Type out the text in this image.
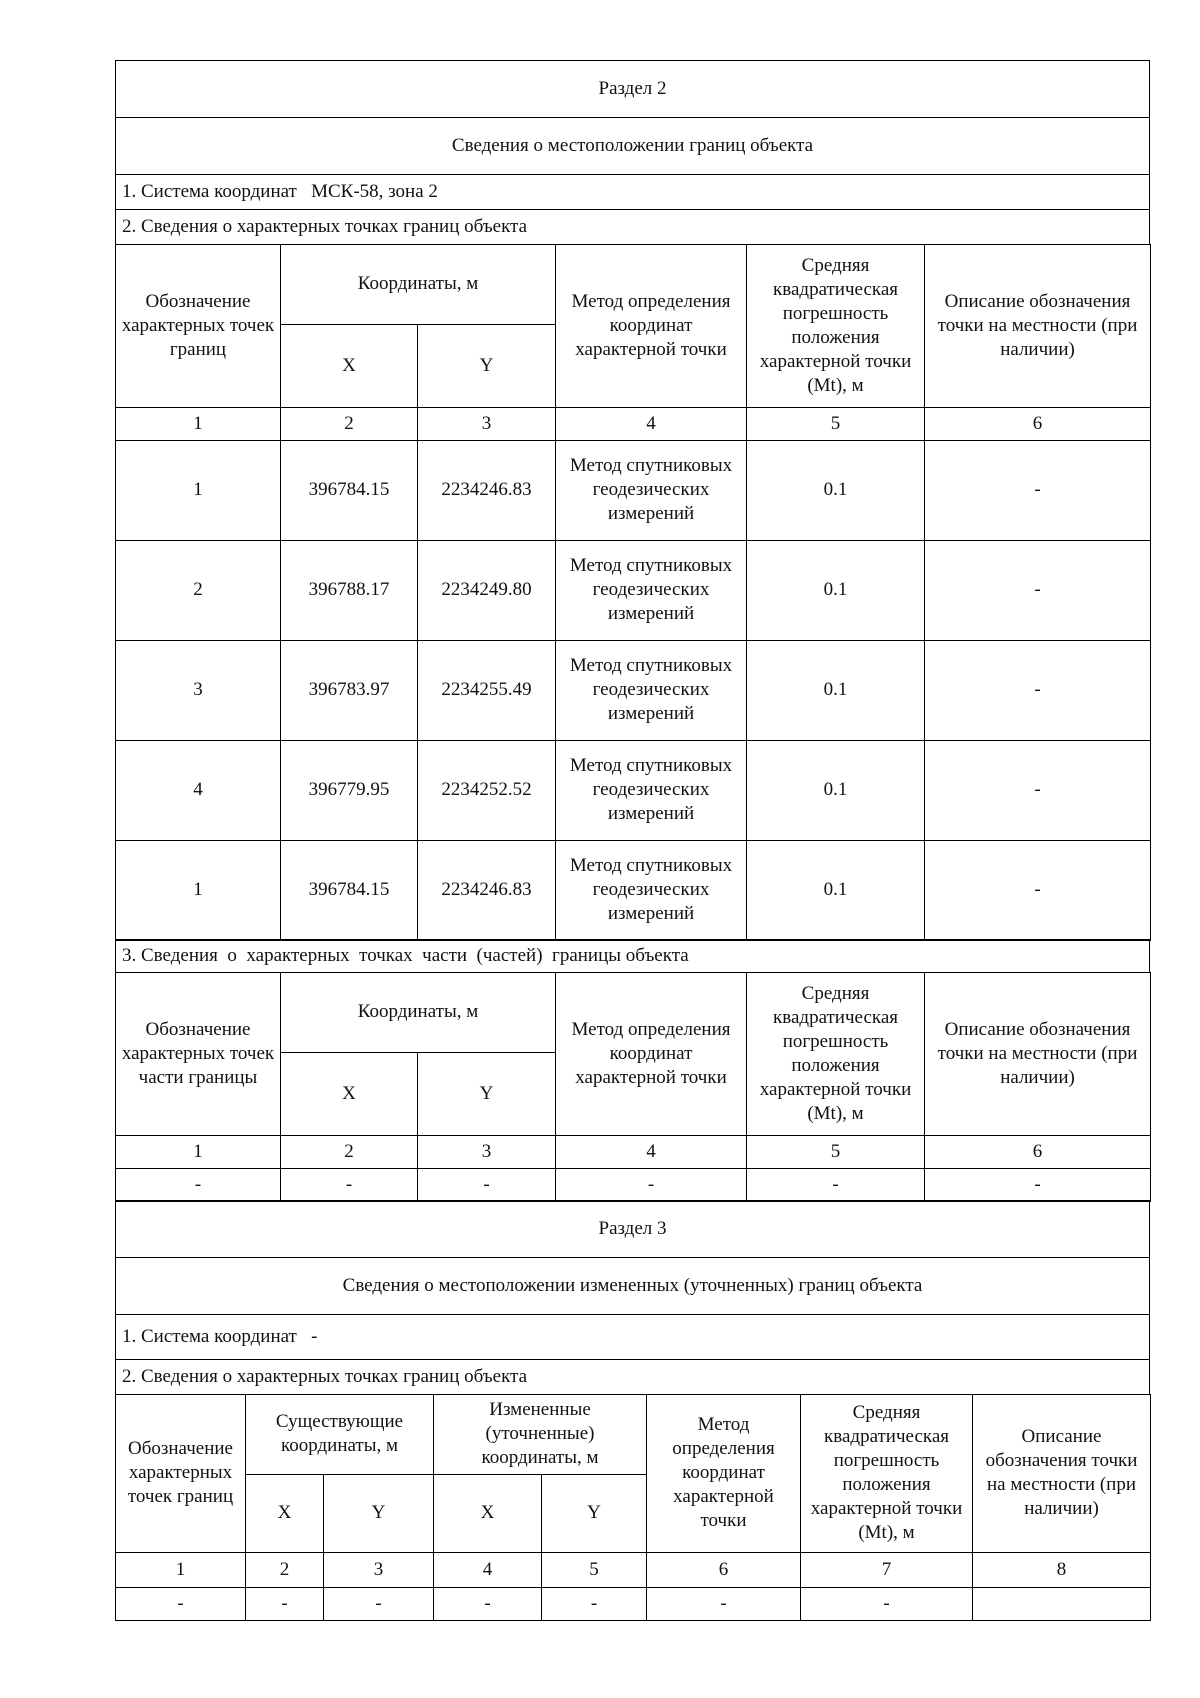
Раздел 2
Сведения о местоположении границ объекта
1. Система координат   МСК-58, зона 2
2. Сведения о характерных точках границ объекта
Обозначение характерных точек границ	Координаты, м		Метод определения координат характерной точки	Средняя квадратическая погрешность положения характерной точки (Mt), м	Описание обозначения точки на местности (при наличии)
	X	Y			
1	2	3	4	5	6
1	396784.15	2234246.83	Метод спутниковых геодезических измерений	0.1	-
2	396788.17	2234249.80	Метод спутниковых геодезических измерений	0.1	-
3	396783.97	2234255.49	Метод спутниковых геодезических измерений	0.1	-
4	396779.95	2234252.52	Метод спутниковых геодезических измерений	0.1	-
1	396784.15	2234246.83	Метод спутниковых геодезических измерений	0.1	-
3. Сведения  о  характерных  точках  части  (частей)  границы объекта
Обозначение характерных точек части границы	Координаты, м		Метод определения координат характерной точки	Средняя квадратическая погрешность положения характерной точки (Mt), м	Описание обозначения точки на местности (при наличии)
	X	Y			
1	2	3	4	5	6
-	-	-	-	-	-
Раздел 3
Сведения о местоположении измененных (уточненных) границ объекта
1. Система координат   -
2. Сведения о характерных точках границ объекта
Обозначение характерных точек границ	Существующие координаты, м		Измененные (уточненные) координаты, м		Метод определения координат характерной точки	Средняя квадратическая погрешность положения характерной точки (Mt), м	Описание обозначения точки на местности (при наличии)
	X	Y	X	Y			
1	2	3	4	5	6	7	8
-	-	-	-	-	-	-	
